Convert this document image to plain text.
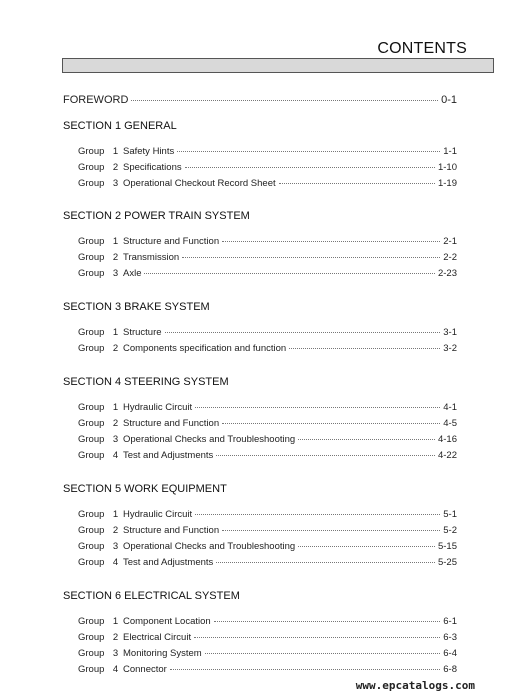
CONTENTS
FOREWORD	0-1
SECTION 1 GENERAL
Group 1 Safety Hints	1-1
Group 2 Specifications	1-10
Group 3 Operational Checkout Record Sheet	1-19
SECTION 2 POWER TRAIN SYSTEM
Group 1 Structure and Function	2-1
Group 2 Transmission	2-2
Group 3 Axle	2-23
SECTION 3 BRAKE SYSTEM
Group 1 Structure	3-1
Group 2 Components specification and function	3-2
SECTION 4 STEERING SYSTEM
Group 1 Hydraulic Circuit	4-1
Group 2 Structure and Function	4-5
Group 3 Operational Checks and Troubleshooting	4-16
Group 4 Test and Adjustments	4-22
SECTION 5 WORK EQUIPMENT
Group 1 Hydraulic Circuit	5-1
Group 2 Structure and Function	5-2
Group 3 Operational Checks and Troubleshooting	5-15
Group 4 Test and Adjustments	5-25
SECTION 6 ELECTRICAL SYSTEM
Group 1 Component Location	6-1
Group 2 Electrical Circuit	6-3
Group 3 Monitoring System	6-4
Group 4 Connector	6-8
www.epcatalogs.com
